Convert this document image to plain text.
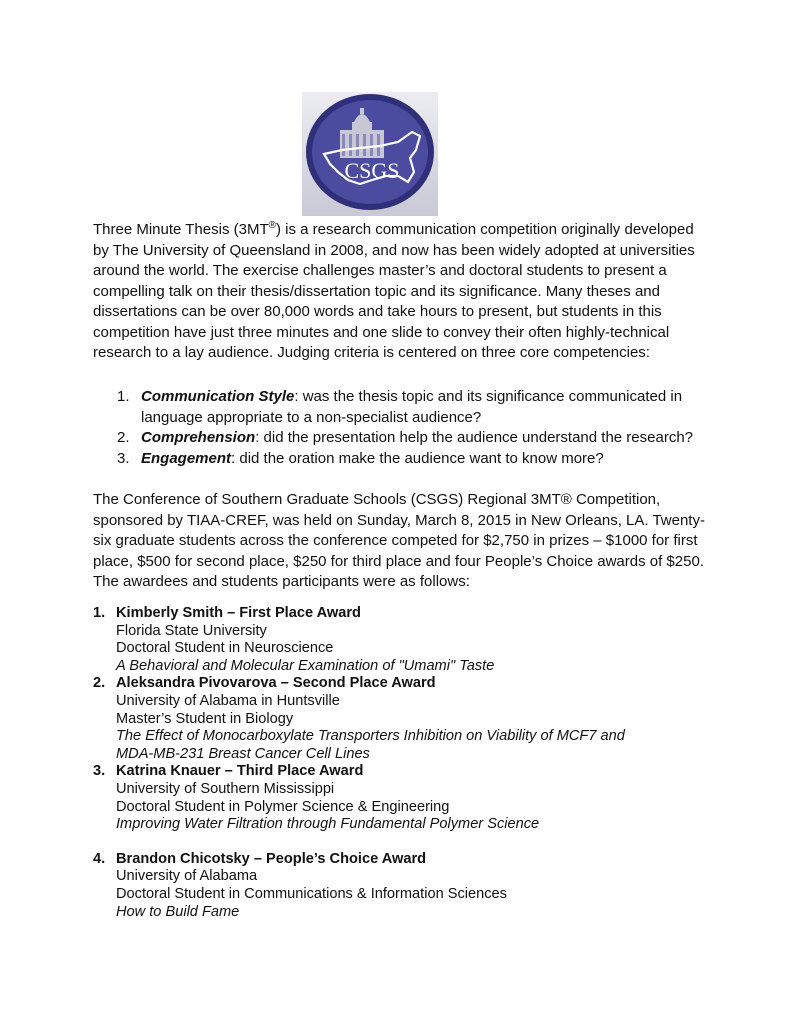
CSGS

Three Minute Thesis (3MT®) is a research communication competition originally developed by The University of Queensland in 2008, and now has been widely adopted at universities around the world. The exercise challenges master’s and doctoral students to present a compelling talk on their thesis/dissertation topic and its significance. Many theses and dissertations can be over 80,000 words and take hours to present, but students in this competition have just three minutes and one slide to convey their often highly-technical research to a lay audience. Judging criteria is centered on three core competencies:

1. Communication Style: was the thesis topic and its significance communicated in language appropriate to a non-specialist audience?
2. Comprehension: did the presentation help the audience understand the research?
3. Engagement: did the oration make the audience want to know more?

The Conference of Southern Graduate Schools (CSGS) Regional 3MT® Competition, sponsored by TIAA-CREF, was held on Sunday, March 8, 2015 in New Orleans, LA. Twenty-six graduate students across the conference competed for $2,750 in prizes – $1000 for first place, $500 for second place, $250 for third place and four People’s Choice awards of $250. The awardees and students participants were as follows:

1. Kimberly Smith – First Place Award
Florida State University
Doctoral Student in Neuroscience
A Behavioral and Molecular Examination of "Umami" Taste
2. Aleksandra Pivovarova – Second Place Award
University of Alabama in Huntsville
Master’s Student in Biology
The Effect of Monocarboxylate Transporters Inhibition on Viability of MCF7 and
MDA-MB-231 Breast Cancer Cell Lines
3. Katrina Knauer – Third Place Award
University of Southern Mississippi
Doctoral Student in Polymer Science & Engineering
Improving Water Filtration through Fundamental Polymer Science
4. Brandon Chicotsky – People’s Choice Award
University of Alabama
Doctoral Student in Communications & Information Sciences
How to Build Fame
